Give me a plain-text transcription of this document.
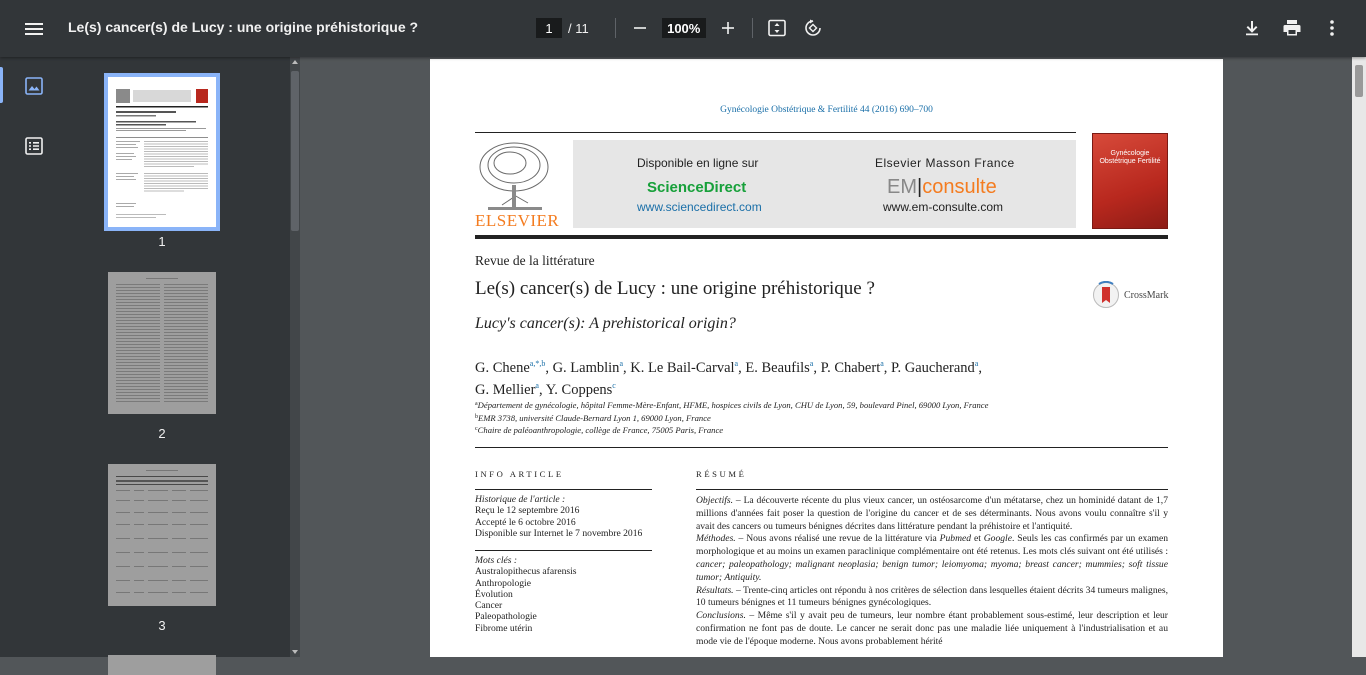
Le(s) cancer(s) de Lucy : une origine préhistorique ?
1	/ 11
100%
1
2
3
Gynécologie Obstétrique & Fertilité 44 (2016) 690–700
ELSEVIER
Disponible en ligne sur
ScienceDirect
www.sciencedirect.com
Elsevier Masson France
EM|consulte
www.em-consulte.com
Gynécologie Obstétrique Fertilité
Revue de la littérature
Le(s) cancer(s) de Lucy : une origine préhistorique ?
Lucy's cancer(s): A prehistorical origin?
CrossMark
G. Chene$^{a,*,b}$, G. Lamblin$^a$, K. Le Bail-Carval$^a$, E. Beaufils$^a$, P. Chabert$^a$, P. Gaucherand$^a$,
G. Mellier$^a$, Y. Coppens$^c$
$^a$Département de gynécologie, hôpital Femme-Mère-Enfant, HFME, hospices civils de Lyon, CHU de Lyon, 59, boulevard Pinel, 69000 Lyon, France
$^b$EMR 3738, université Claude-Bernard Lyon 1, 69000 Lyon, France
$^c$Chaire de paléoanthropologie, collège de France, 75005 Paris, France
INFO ARTICLE	RÉSUMÉ
Historique de l'article :
Reçu le 12 septembre 2016
Accepté le 6 octobre 2016
Disponible sur Internet le 7 novembre 2016
Mots clés :
Australopithecus afarensis
Anthropologie
Évolution
Cancer
Paleopathologie
Fibrome utérin
Objectifs. – La découverte récente du plus vieux cancer, un ostéosarcome d'un métatarse, chez un hominidé datant de 1,7 millions d'années fait poser la question de l'origine du cancer et de ses déterminants. Nous avons voulu connaître s'il y avait des cancers ou tumeurs bénignes décrites dans littérature pendant la préhistoire et l'antiquité.
Méthodes. – Nous avons réalisé une revue de la littérature via Pubmed et Google. Seuls les cas confirmés par un examen morphologique et au moins un examen paraclinique complémentaire ont été retenus. Les mots clés suivant ont été utilisés : cancer; paleopathology; malignant neoplasia; benign tumor; leiomyoma; myoma; breast cancer; mummies; soft tissue tumor; Antiquity.
Résultats. – Trente-cinq articles ont répondu à nos critères de sélection dans lesquelles étaient décrits 34 tumeurs malignes, 10 tumeurs bénignes et 11 tumeurs bénignes gynécologiques.
Conclusions. – Même s'il y avait peu de tumeurs, leur nombre étant probablement sous-estimé, leur description et leur confirmation ne font pas de doute. Le cancer ne serait donc pas une maladie liée uniquement à l'industrialisation et au mode vie de l'époque moderne. Nous avons probablement hérité
